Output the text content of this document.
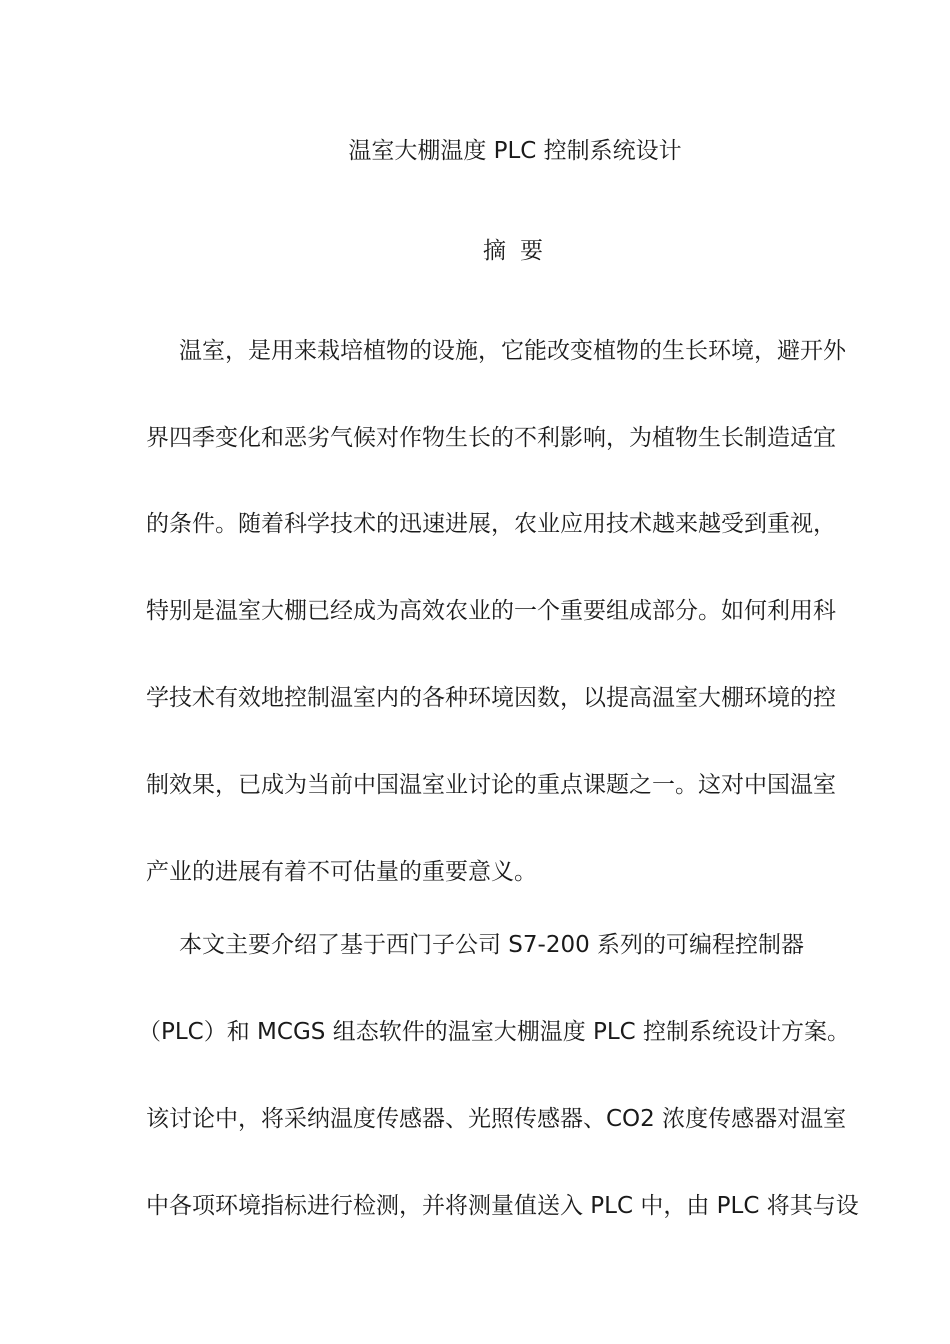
温室大棚温度 PLC 控制系统设计
摘要
温室，是用来栽培植物的设施，它能改变植物的生长环境，避开外
界四季变化和恶劣气候对作物生长的不利影响，为植物生长制造适宜
的条件。随着科学技术的迅速进展，农业应用技术越来越受到重视，
特别是温室大棚已经成为高效农业的一个重要组成部分。如何利用科
学技术有效地控制温室内的各种环境因数，以提高温室大棚环境的控
制效果，已成为当前中国温室业讨论的重点课题之一。这对中国温室
产业的进展有着不可估量的重要意义。
本文主要介绍了基于西门子公司 S7-200 系列的可编程控制器
（PLC）和 MCGS 组态软件的温室大棚温度 PLC 控制系统设计方案。
该讨论中，将采纳温度传感器、光照传感器、CO2 浓度传感器对温室
中各项环境指标进行检测，并将测量值送入 PLC 中，由 PLC 将其与设
